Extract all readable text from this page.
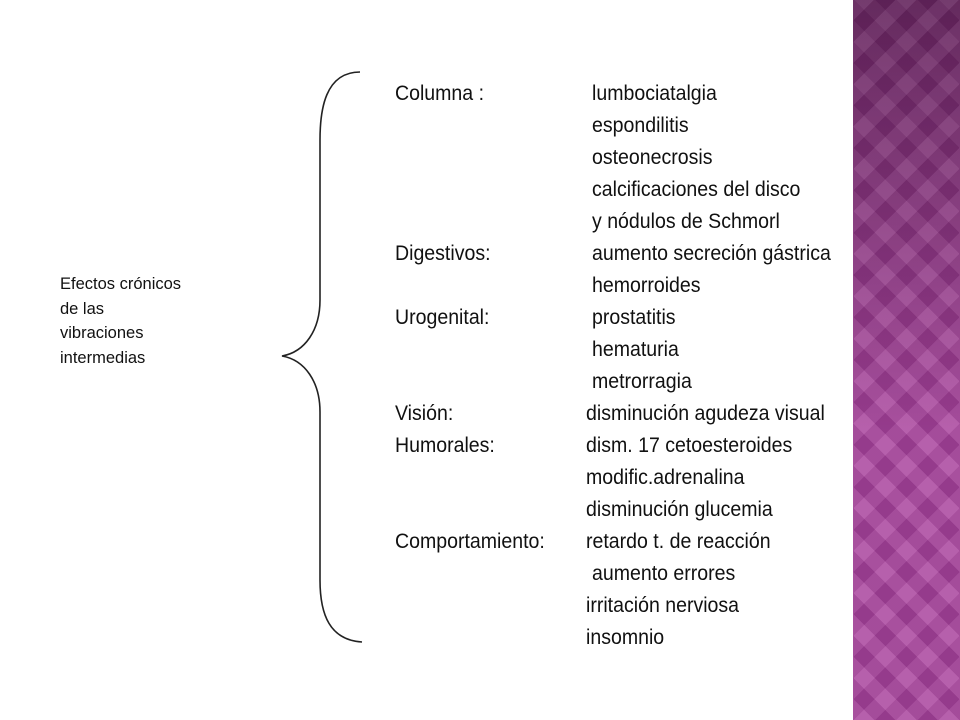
Efectos crónicos
de las
vibraciones
intermedias
Columna :	lumbociatalgia
espondilitis
osteonecrosis
calcificaciones del disco
y nódulos de Schmorl
Digestivos:	aumento secreción gástrica
hemorroides
Urogenital:	prostatitis
hematuria
metrorragia
Visión:	disminución agudeza visual
Humorales:	dism. 17 cetoesteroides
modific.adrenalina
disminución glucemia
Comportamiento: retardo t. de reacción
aumento errores
irritación nerviosa
insomnio
